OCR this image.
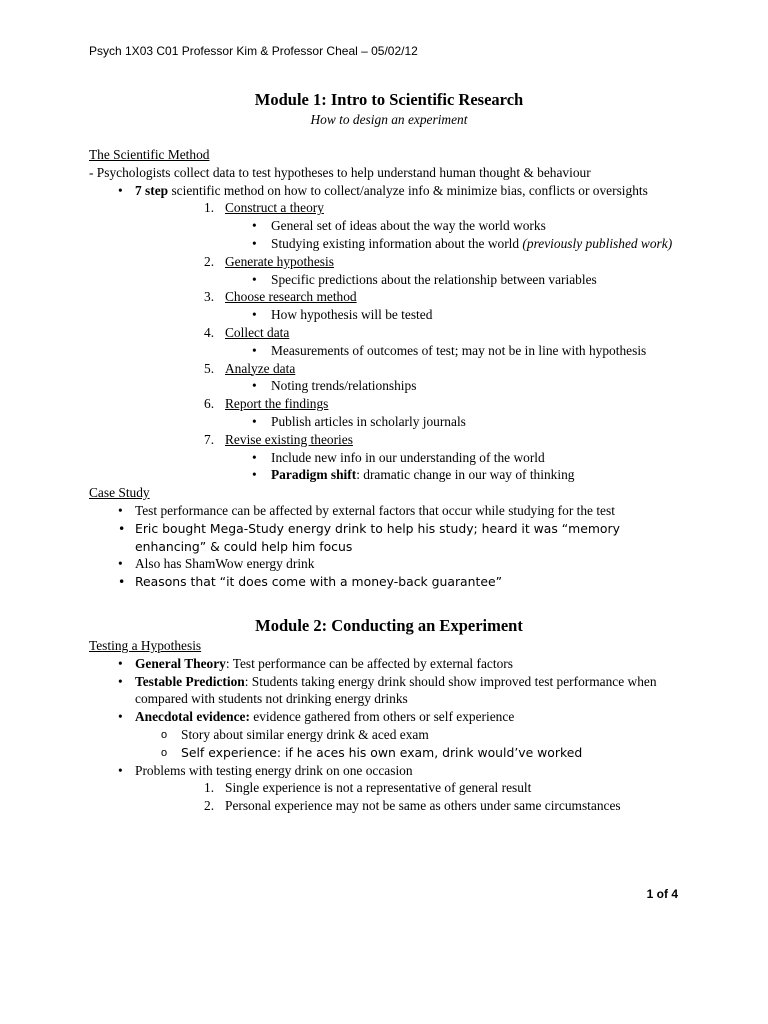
Psych 1X03 C01 Professor Kim & Professor Cheal – 05/02/12
Module 1: Intro to Scientific Research

How to design an experiment

The Scientific Method

- Psychologists collect data to test hypotheses to help understand human thought & behaviour

• 7 step scientific method on how to collect/analyze info & minimize bias, conflicts or oversights
1. Construct a theory
• General set of ideas about the way the world works
• Studying existing information about the world (previously published work)
2. Generate hypothesis
• Specific predictions about the relationship between variables
3. Choose research method
• How hypothesis will be tested
4. Collect data
• Measurements of outcomes of test; may not be in line with hypothesis
5. Analyze data
• Noting trends/relationships
6. Report the findings
• Publish articles in scholarly journals
7. Revise existing theories
• Include new info in our understanding of the world
• Paradigm shift: dramatic change in our way of thinking

Case Study

• Test performance can be affected by external factors that occur while studying for the test
• Eric bought Mega-Study energy drink to help his study; heard it was “memory enhancing” & could help him focus
• Also has ShamWow energy drink
• Reasons that “it does come with a money-back guarantee”
Module 2: Conducting an Experiment

Testing a Hypothesis

• General Theory: Test performance can be affected by external factors
• Testable Prediction: Students taking energy drink should show improved test performance when compared with students not drinking energy drinks
• Anecdotal evidence: evidence gathered from others or self experience
o Story about similar energy drink & aced exam
o Self experience: if he aces his own exam, drink would’ve worked
• Problems with testing energy drink on one occasion
1. Single experience is not a representative of general result
2. Personal experience may not be same as others under same circumstances
1 of 4
